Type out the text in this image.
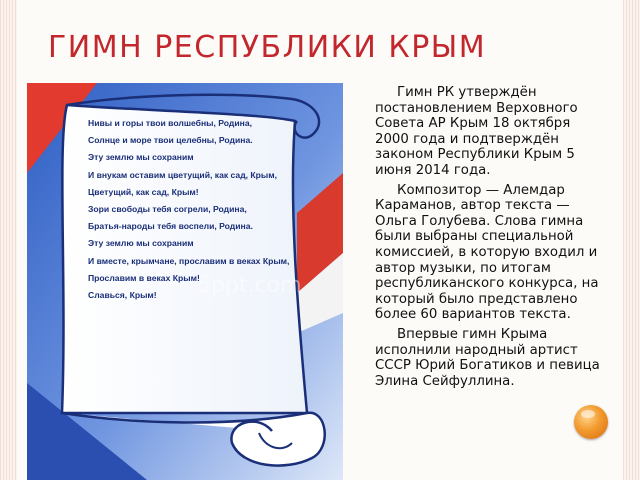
ГИМН РЕСПУБЛИКИ КРЫМ
5ppt.com
Нивы и горы твои волшебны, Родина,
Солнце и море твои целебны, Родина.
Эту землю мы сохраним
И внукам оставим цветущий, как сад, Крым,
Цветущий, как сад, Крым!
Зори свободы тебя согрели, Родина,
Братья-народы тебя воспели, Родина.
Эту землю мы сохраним
И вместе, крымчане, прославим в веках Крым,
Прославим в веках Крым!
Славься, Крым!

Гимн РК утверждён постановлением Верховного Совета АР Крым 18 октября 2000 года и подтверждён законом Республики Крым 5 июня 2014 года.

Композитор — Алемдар Караманов, автор текста — Ольга Голубева. Слова гимна были выбраны специальной комиссией, в которую входил и автор музыки, по итогам республиканского конкурса, на который было представлено более 60 вариантов текста.

Впервые гимн Крыма исполнили народный артист СССР Юрий Богатиков и певица Элина Сейфуллина.
